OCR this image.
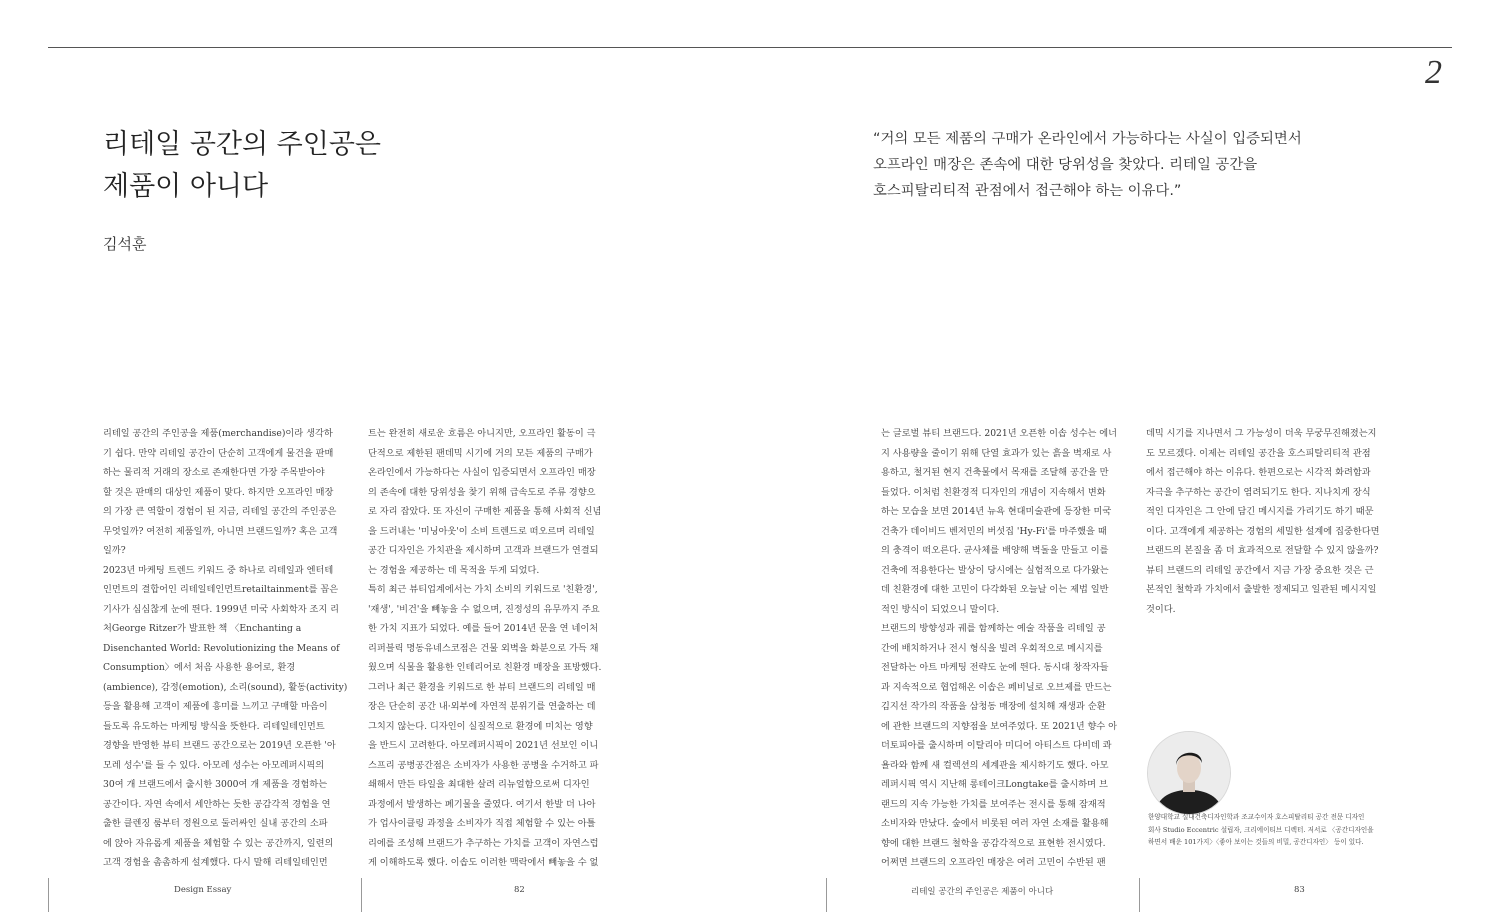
2
리테일 공간의 주인공은
제품이 아니다
김석훈
“거의 모든 제품의 구매가 온라인에서 가능하다는 사실이 입증되면서
오프라인 매장은 존속에 대한 당위성을 찾았다. 리테일 공간을
호스피탈리티적 관점에서 접근해야 하는 이유다.”
리테일 공간의 주인공을 제품(merchandise)이라 생각하
기 쉽다. 만약 리테일 공간이 단순히 고객에게 물건을 판매
하는 물리적 거래의 장소로 존재한다면 가장 주목받아야
할 것은 판매의 대상인 제품이 맞다. 하지만 오프라인 매장
의 가장 큰 역할이 경험이 된 지금, 리테일 공간의 주인공은
무엇일까? 여전히 제품일까, 아니면 브랜드일까? 혹은 고객
일까?
2023년 마케팅 트렌드 키워드 중 하나로 리테일과 엔터테
인먼트의 결합어인 리테일테인먼트retailtainment를 꼽은
기사가 심심찮게 눈에 띈다. 1999년 미국 사회학자 조지 리
처George Ritzer가 발표한 책 〈Enchanting a
Disenchanted World: Revolutionizing the Means of
Consumption〉에서 처음 사용한 용어로, 환경
(ambience), 감정(emotion), 소리(sound), 활동(activity)
등을 활용해 고객이 제품에 흥미를 느끼고 구매할 마음이
들도록 유도하는 마케팅 방식을 뜻한다. 리테일테인먼트
경향을 반영한 뷰티 브랜드 공간으로는 2019년 오픈한 '아
모레 성수'를 들 수 있다. 아모레 성수는 아모레퍼시픽의
30여 개 브랜드에서 출시한 3000여 개 제품을 경험하는
공간이다. 자연 속에서 세안하는 듯한 공감각적 경험을 연
출한 클렌징 룸부터 정원으로 둘러싸인 실내 공간의 소파
에 앉아 자유롭게 제품을 체험할 수 있는 공간까지, 일련의
고객 경험을 촘촘하게 설계했다. 다시 말해 리테일테인먼
트는 완전히 새로운 흐름은 아니지만, 오프라인 활동이 극
단적으로 제한된 팬데믹 시기에 거의 모든 제품의 구매가
온라인에서 가능하다는 사실이 입증되면서 오프라인 매장
의 존속에 대한 당위성을 찾기 위해 급속도로 주류 경향으
로 자리 잡았다. 또 자신이 구매한 제품을 통해 사회적 신념
을 드러내는 '미닝아웃'이 소비 트렌드로 떠오르며 리테일
공간 디자인은 가치관을 제시하며 고객과 브랜드가 연결되
는 경험을 제공하는 데 목적을 두게 되었다.
특히 최근 뷰티업계에서는 가치 소비의 키워드로 '친환경',
'재생', '비건'을 빼놓을 수 없으며, 진정성의 유무까지 주요
한 가치 지표가 되었다. 예를 들어 2014년 문을 연 네이처
리퍼블릭 명동유네스코점은 건물 외벽을 화분으로 가득 채
웠으며 식물을 활용한 인테리어로 친환경 매장을 표방했다.
그러나 최근 환경을 키워드로 한 뷰티 브랜드의 리테일 매
장은 단순히 공간 내·외부에 자연적 분위기를 연출하는 데
그치지 않는다. 디자인이 실질적으로 환경에 미치는 영향
을 반드시 고려한다. 아모레퍼시픽이 2021년 선보인 이니
스프리 공병공간점은 소비자가 사용한 공병을 수거하고 파
쇄해서 만든 타일을 최대한 살려 리뉴얼함으로써 디자인
과정에서 발생하는 폐기물을 줄였다. 여기서 한발 더 나아
가 업사이클링 과정을 소비자가 직접 체험할 수 있는 아틀
리에를 조성해 브랜드가 추구하는 가치를 고객이 자연스럽
게 이해하도록 했다. 이솝도 이러한 맥락에서 빼놓을 수 없
는 글로벌 뷰티 브랜드다. 2021년 오픈한 이솝 성수는 에너
지 사용량을 줄이기 위해 단열 효과가 있는 흙을 벽재로 사
용하고, 철거된 현지 건축물에서 목재를 조달해 공간을 만
들었다. 이처럼 친환경적 디자인의 개념이 지속해서 변화
하는 모습을 보면 2014년 뉴욕 현대미술관에 등장한 미국
건축가 데이비드 벤저민의 버섯집 'Hy-Fi'를 마주했을 때
의 충격이 떠오른다. 균사체를 배양해 벽돌을 만들고 이를
건축에 적용한다는 발상이 당시에는 실험적으로 다가왔는
데 친환경에 대한 고민이 다각화된 오늘날 이는 제법 일반
적인 방식이 되었으니 말이다.
브랜드의 방향성과 궤를 함께하는 예술 작품을 리테일 공
간에 배치하거나 전시 형식을 빌려 우회적으로 메시지를
전달하는 아트 마케팅 전략도 눈에 띈다. 동시대 창작자들
과 지속적으로 협업해온 이솝은 페비닐로 오브제를 만드는
김지선 작가의 작품을 삼청동 매장에 설치해 재생과 순환
에 관한 브랜드의 지향점을 보여주었다. 또 2021년 향수 아
더토피아를 출시하며 이탈리아 미디어 아티스트 다비데 콰
욜라와 함께 새 컬렉션의 세계관을 제시하기도 했다. 아모
레퍼시픽 역시 지난해 롱테이크Longtake를 출시하며 브
랜드의 지속 가능한 가치를 보여주는 전시를 통해 잠재적
소비자와 만났다. 숲에서 비롯된 여러 자연 소재를 활용해
향에 대한 브랜드 철학을 공감각적으로 표현한 전시였다.
어쩌면 브랜드의 오프라인 매장은 여러 고민이 수반된 팬
데믹 시기를 지나면서 그 가능성이 더욱 무궁무진해졌는지
도 모르겠다. 이제는 리테일 공간을 호스피탈리티적 관점
에서 접근해야 하는 이유다. 한편으로는 시각적 화려함과
자극을 추구하는 공간이 염려되기도 한다. 지나치게 장식
적인 디자인은 그 안에 담긴 메시지를 가리기도 하기 때문
이다. 고객에게 제공하는 경험의 세밀한 설계에 집중한다면
브랜드의 본질을 좀 더 효과적으로 전달할 수 있지 않을까?
뷰티 브랜드의 리테일 공간에서 지금 가장 중요한 것은 근
본적인 철학과 가치에서 출발한 정제되고 일관된 메시지일
것이다.
한양대학교 실내건축디자인학과 조교수이자 호스피탈리티 공간 전문 디자인
회사 Studio Eccentric 설립자, 크리에이티브 디렉터. 저서로 〈공간디자인을
하면서 배운 101가지〉〈좋아 보이는 것들의 비밀, 공간디자인〉 등이 있다.
Design Essay	82	리테일 공간의 주인공은 제품이 아니다	83
